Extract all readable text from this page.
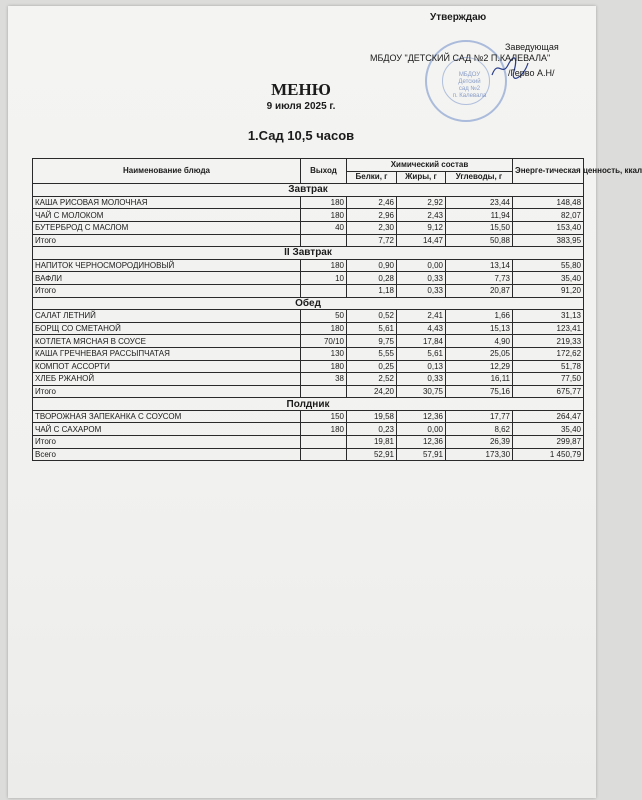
Утверждаю
МБДОУ
Детский
сад №2
п. Калевала
Заведующая
МБДОУ "ДЕТСКИЙ САД №2 П.КАЛЕВАЛА"
/Герво А.Н/
МЕНЮ
9 июля 2025 г.
1.Сад 10,5 часов
Наименование блюда	Выход	Химический состав			Энерге-тическая ценность, ккал
		Белки, г	Жиры, г	Углеводы, г	
Завтрак					
КАША РИСОВАЯ МОЛОЧНАЯ	180	2,46	2,92	23,44	148,48
ЧАЙ С МОЛОКОМ	180	2,96	2,43	11,94	82,07
БУТЕРБРОД С МАСЛОМ	40	2,30	9,12	15,50	153,40
Итого		7,72	14,47	50,88	383,95
II Завтрак					
НАПИТОК ЧЕРНОСМОРОДИНОВЫЙ	180	0,90	0,00	13,14	55,80
ВАФЛИ	10	0,28	0,33	7,73	35,40
Итого		1,18	0,33	20,87	91,20
Обед					
САЛАТ ЛЕТНИЙ	50	0,52	2,41	1,66	31,13
БОРЩ СО СМЕТАНОЙ	180	5,61	4,43	15,13	123,41
КОТЛЕТА МЯСНАЯ В СОУСЕ	70/10	9,75	17,84	4,90	219,33
КАША ГРЕЧНЕВАЯ РАССЫПЧАТАЯ	130	5,55	5,61	25,05	172,62
КОМПОТ АССОРТИ	180	0,25	0,13	12,29	51,78
ХЛЕБ РЖАНОЙ	38	2,52	0,33	16,11	77,50
Итого		24,20	30,75	75,16	675,77
Полдник					
ТВОРОЖНАЯ ЗАПЕКАНКА С СОУСОМ	150	19,58	12,36	17,77	264,47
ЧАЙ С САХАРОМ	180	0,23	0,00	8,62	35,40
Итого		19,81	12,36	26,39	299,87
Всего		52,91	57,91	173,30	1 450,79
